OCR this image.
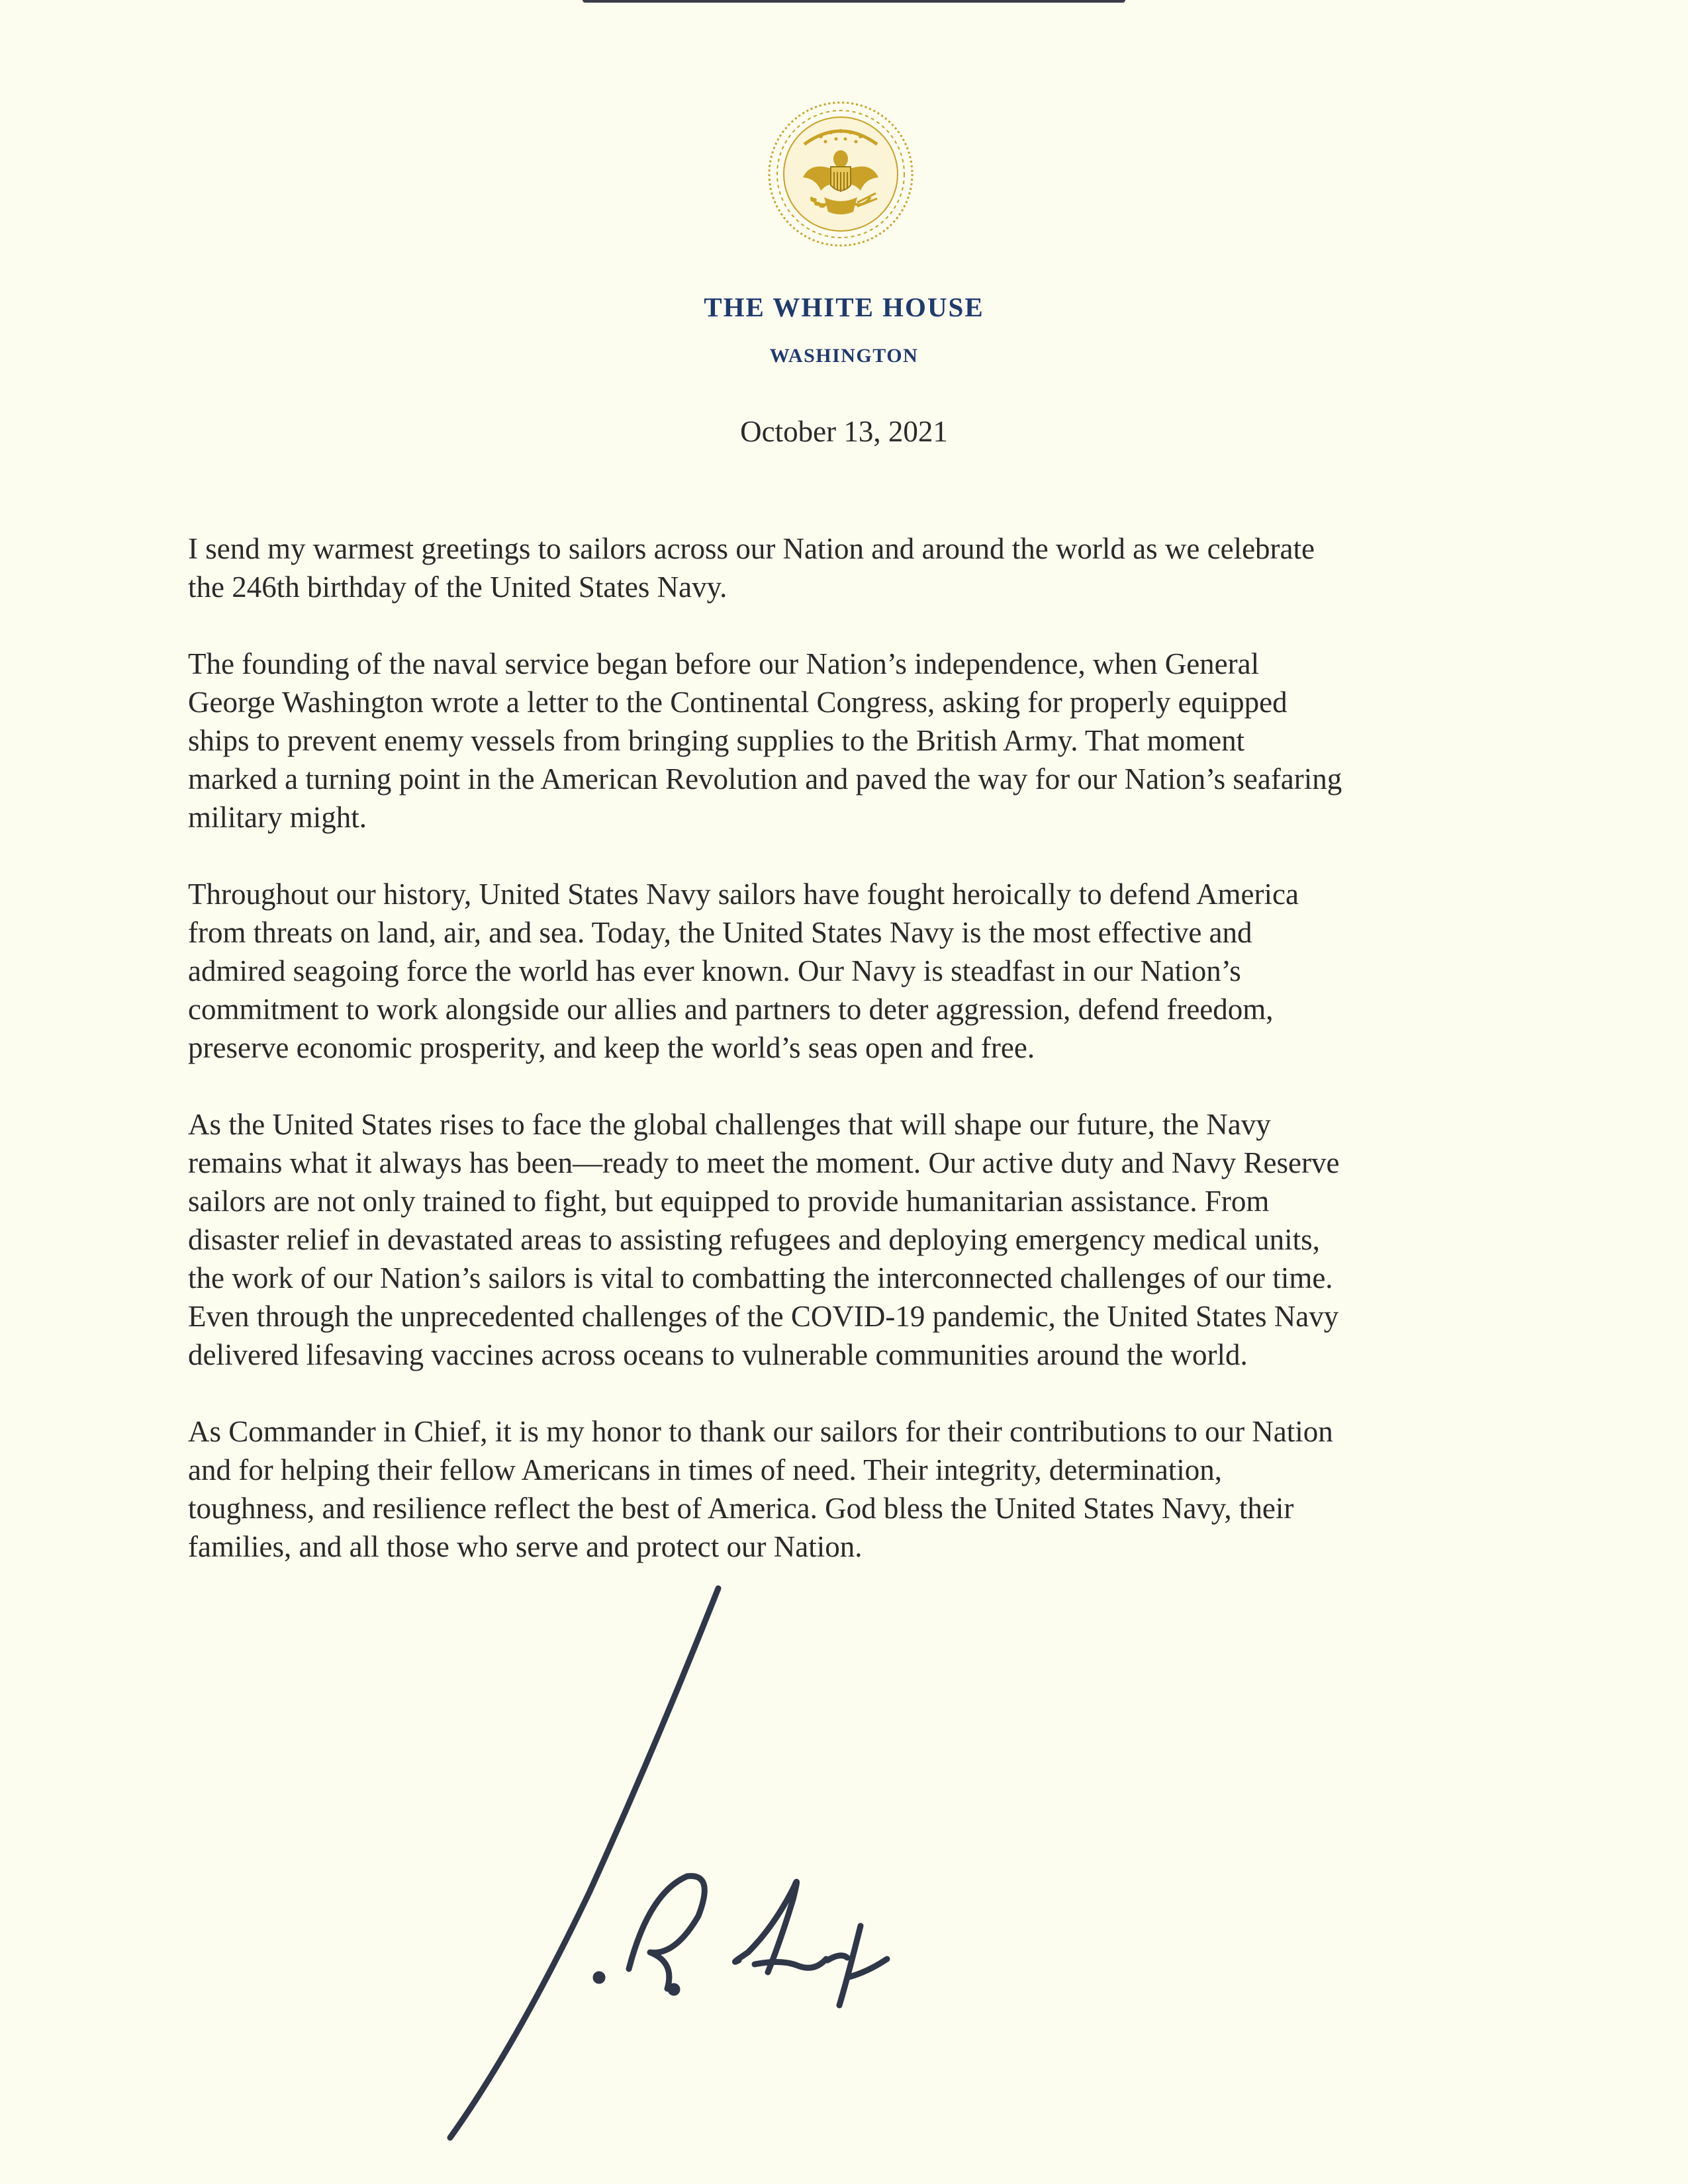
THE WHITE HOUSE
WASHINGTON
October 13, 2021

I send my warmest greetings to sailors across our Nation and around the world as we celebrate
the 246th birthday of the United States Navy.

The founding of the naval service began before our Nation’s independence, when General
George Washington wrote a letter to the Continental Congress, asking for properly equipped
ships to prevent enemy vessels from bringing supplies to the British Army. That moment
marked a turning point in the American Revolution and paved the way for our Nation’s seafaring
military might.

Throughout our history, United States Navy sailors have fought heroically to defend America
from threats on land, air, and sea. Today, the United States Navy is the most effective and
admired seagoing force the world has ever known. Our Navy is steadfast in our Nation’s
commitment to work alongside our allies and partners to deter aggression, defend freedom,
preserve economic prosperity, and keep the world’s seas open and free.

As the United States rises to face the global challenges that will shape our future, the Navy
remains what it always has been—ready to meet the moment. Our active duty and Navy Reserve
sailors are not only trained to fight, but equipped to provide humanitarian assistance. From
disaster relief in devastated areas to assisting refugees and deploying emergency medical units,
the work of our Nation’s sailors is vital to combatting the interconnected challenges of our time.
Even through the unprecedented challenges of the COVID-19 pandemic, the United States Navy
delivered lifesaving vaccines across oceans to vulnerable communities around the world.

As Commander in Chief, it is my honor to thank our sailors for their contributions to our Nation
and for helping their fellow Americans in times of need. Their integrity, determination,
toughness, and resilience reflect the best of America. God bless the United States Navy, their
families, and all those who serve and protect our Nation.
